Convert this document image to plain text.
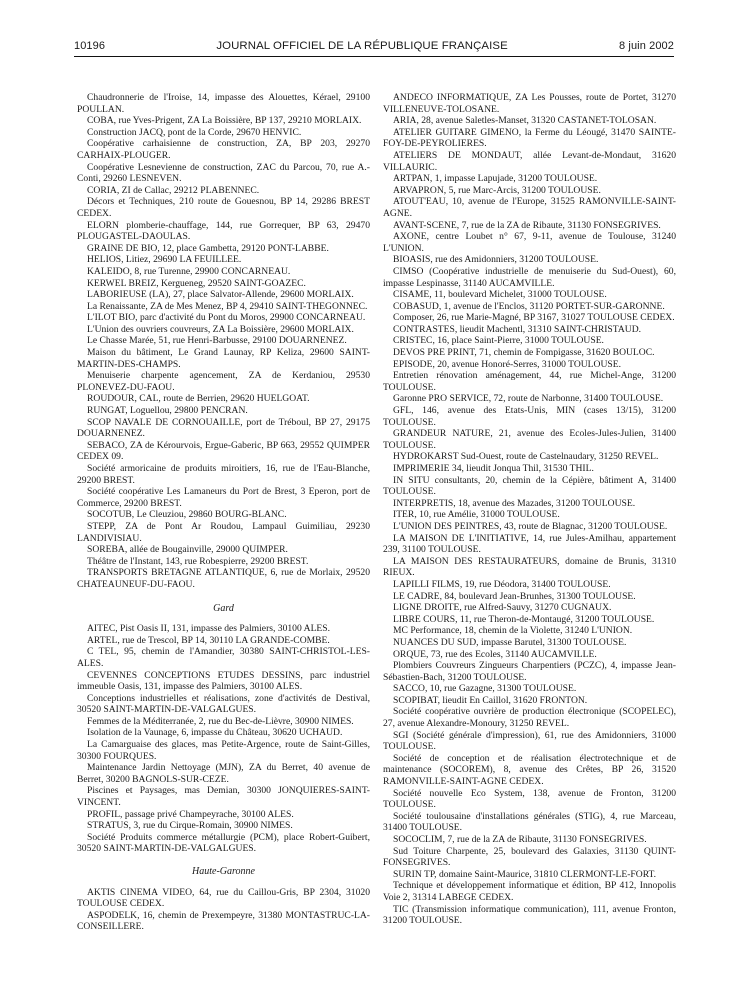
10196	JOURNAL OFFICIEL DE LA RÉPUBLIQUE FRANÇAISE	8 juin 2002

Chaudronnerie de l'Iroise, 14, impasse des Alouettes, Kérael, 29100 POULLAN.

COBA, rue Yves-Prigent, ZA La Boissière, BP 137, 29210 MORLAIX.

Construction JACQ, pont de la Corde, 29670 HENVIC.

Coopérative carhaisienne de construction, ZA, BP 203, 29270 CARHAIX-PLOUGER.

Coopérative Lesnevienne de construction, ZAC du Parcou, 70, rue A.-Conti, 29260 LESNEVEN.

CORIA, ZI de Callac, 29212 PLABENNEC.

Décors et Techniques, 210 route de Gouesnou, BP 14, 29286 BREST CEDEX.

ELORN plomberie-chauffage, 144, rue Gorrequer, BP 63, 29470 PLOUGASTEL-DAOULAS.

GRAINE DE BIO, 12, place Gambetta, 29120 PONT-LABBE.

HELIOS, Litiez, 29690 LA FEUILLEE.

KALEIDO, 8, rue Turenne, 29900 CONCARNEAU.

KERWEL BREIZ, Kergueneg, 29520 SAINT-GOAZEC.

LABORIEUSE (LA), 27, place Salvator-Allende, 29600 MORLAIX.

La Renaissante, ZA de Mes Menez, BP 4, 29410 SAINT-THEGONNEC.

L'ILOT BIO, parc d'activité du Pont du Moros, 29900 CONCARNEAU.

L'Union des ouvriers couvreurs, ZA La Boissière, 29600 MORLAIX.

Le Chasse Marée, 51, rue Henri-Barbusse, 29100 DOUARNENEZ.

Maison du bâtiment, Le Grand Launay, RP Keliza, 29600 SAINT-MARTIN-DES-CHAMPS.

Menuiserie charpente agencement, ZA de Kerdaniou, 29530 PLONEVEZ-DU-FAOU.

ROUDOUR, CAL, route de Berrien, 29620 HUELGOAT.

RUNGAT, Loguellou, 29800 PENCRAN.

SCOP NAVALE DE CORNOUAILLE, port de Tréboul, BP 27, 29175 DOUARNENEZ.

SEBACO, ZA de Kérourvois, Ergue-Gaberic, BP 663, 29552 QUIMPER CEDEX 09.

Société armoricaine de produits miroitiers, 16, rue de l'Eau-Blanche, 29200 BREST.

Société coopérative Les Lamaneurs du Port de Brest, 3 Eperon, port de Commerce, 29200 BREST.

SOCOTUB, Le Cleuziou, 29860 BOURG-BLANC.

STEPP, ZA de Pont Ar Roudou, Lampaul Guimiliau, 29230 LANDIVISIAU.

SOREBA, allée de Bougainville, 29000 QUIMPER.

Théâtre de l'Instant, 143, rue Robespierre, 29200 BREST.

TRANSPORTS BRETAGNE ATLANTIQUE, 6, rue de Morlaix, 29520 CHATEAUNEUF-DU-FAOU.

Gard

AITEC, Pist Oasis II, 131, impasse des Palmiers, 30100 ALES.

ARTEL, rue de Trescol, BP 14, 30110 LA GRANDE-COMBE.

C TEL, 95, chemin de l'Amandier, 30380 SAINT-CHRISTOL-LES-ALES.

CEVENNES CONCEPTIONS ETUDES DESSINS, parc industriel immeuble Oasis, 131, impasse des Palmiers, 30100 ALES.

Conceptions industrielles et réalisations, zone d'activités de Destival, 30520 SAINT-MARTIN-DE-VALGALGUES.

Femmes de la Méditerranée, 2, rue du Bec-de-Lièvre, 30900 NIMES.

Isolation de la Vaunage, 6, impasse du Château, 30620 UCHAUD.

La Camarguaise des glaces, mas Petite-Argence, route de Saint-Gilles, 30300 FOURQUES.

Maintenance Jardin Nettoyage (MJN), ZA du Berret, 40 avenue de Berret, 30200 BAGNOLS-SUR-CEZE.

Piscines et Paysages, mas Demian, 30300 JONQUIERES-SAINT-VINCENT.

PROFIL, passage privé Champeyrache, 30100 ALES.

STRATUS, 3, rue du Cirque-Romain, 30900 NIMES.

Société Produits commerce métallurgie (PCM), place Robert-Guibert, 30520 SAINT-MARTIN-DE-VALGALGUES.

Haute-Garonne

AKTIS CINEMA VIDEO, 64, rue du Caillou-Gris, BP 2304, 31020 TOULOUSE CEDEX.

ASPODELK, 16, chemin de Prexempeyre, 31380 MONTASTRUC-LA-CONSEILLERE.

ANDECO INFORMATIQUE, ZA Les Pousses, route de Portet, 31270 VILLENEUVE-TOLOSANE.

ARIA, 28, avenue Saletles-Manset, 31320 CASTANET-TOLOSAN.

ATELIER GUITARE GIMENO, la Ferme du Léougé, 31470 SAINTE-FOY-DE-PEYROLIERES.

ATELIERS DE MONDAUT, allée Levant-de-Mondaut, 31620 VILLAURIC.

ARTPAN, 1, impasse Lapujade, 31200 TOULOUSE.

ARVAPRON, 5, rue Marc-Arcis, 31200 TOULOUSE.

ATOUT'EAU, 10, avenue de l'Europe, 31525 RAMONVILLE-SAINT-AGNE.

AVANT-SCENE, 7, rue de la ZA de Ribaute, 31130 FONSEGRIVES.

AXONE, centre Loubet n° 67, 9-11, avenue de Toulouse, 31240 L'UNION.

BIOASIS, rue des Amidonniers, 31200 TOULOUSE.

CIMSO (Coopérative industrielle de menuiserie du Sud-Ouest), 60, impasse Lespinasse, 31140 AUCAMVILLE.

CISAME, 11, boulevard Michelet, 31000 TOULOUSE.

COBASUD, 1, avenue de l'Enclos, 31120 PORTET-SUR-GARONNE.

Composer, 26, rue Marie-Magné, BP 3167, 31027 TOULOUSE CEDEX.

CONTRASTES, lieudit Machentl, 31310 SAINT-CHRISTAUD.

CRISTEC, 16, place Saint-Pierre, 31000 TOULOUSE.

DEVOS PRE PRINT, 71, chemin de Fompigasse, 31620 BOULOC.

EPISODE, 20, avenue Honoré-Serres, 31000 TOULOUSE.

Entretien rénovation aménagement, 44, rue Michel-Ange, 31200 TOULOUSE.

Garonne PRO SERVICE, 72, route de Narbonne, 31400 TOULOUSE.

GFL, 146, avenue des Etats-Unis, MIN (cases 13/15), 31200 TOULOUSE.

GRANDEUR NATURE, 21, avenue des Ecoles-Jules-Julien, 31400 TOULOUSE.

HYDROKARST Sud-Ouest, route de Castelnaudary, 31250 REVEL.

IMPRIMERIE 34, lieudit Jonqua Thil, 31530 THIL.

IN SITU consultants, 20, chemin de la Cépière, bâtiment A, 31400 TOULOUSE.

INTERPRETIS, 18, avenue des Mazades, 31200 TOULOUSE.

ITER, 10, rue Amélie, 31000 TOULOUSE.

L'UNION DES PEINTRES, 43, route de Blagnac, 31200 TOULOUSE.

LA MAISON DE L'INITIATIVE, 14, rue Jules-Amilhau, appartement 239, 31100 TOULOUSE.

LA MAISON DES RESTAURATEURS, domaine de Brunis, 31310 RIEUX.

LAPILLI FILMS, 19, rue Déodora, 31400 TOULOUSE.

LE CADRE, 84, boulevard Jean-Brunhes, 31300 TOULOUSE.

LIGNE DROITE, rue Alfred-Sauvy, 31270 CUGNAUX.

LIBRE COURS, 11, rue Theron-de-Montaugé, 31200 TOULOUSE.

MC Performance, 18, chemin de la Violette, 31240 L'UNION.

NUANCES DU SUD, impasse Barutel, 31300 TOULOUSE.

ORQUE, 73, rue des Ecoles, 31140 AUCAMVILLE.

Plombiers Couvreurs Zingueurs Charpentiers (PCZC), 4, impasse Jean-Sébastien-Bach, 31200 TOULOUSE.

SACCO, 10, rue Gazagne, 31300 TOULOUSE.

SCOPIBAT, lieudit En Caillol, 31620 FRONTON.

Société coopérative ouvrière de production électronique (SCOPELEC), 27, avenue Alexandre-Monoury, 31250 REVEL.

SGI (Société générale d'impression), 61, rue des Amidonniers, 31000 TOULOUSE.

Société de conception et de réalisation électrotechnique et de maintenance (SOCOREM), 8, avenue des Crêtes, BP 26, 31520 RAMONVILLE-SAINT-AGNE CEDEX.

Société nouvelle Eco System, 138, avenue de Fronton, 31200 TOULOUSE.

Société toulousaine d'installations générales (STIG), 4, rue Marceau, 31400 TOULOUSE.

SOCOCLIM, 7, rue de la ZA de Ribaute, 31130 FONSEGRIVES.

Sud Toiture Charpente, 25, boulevard des Galaxies, 31130 QUINT-FONSEGRIVES.

SURIN TP, domaine Saint-Maurice, 31810 CLERMONT-LE-FORT.

Technique et développement informatique et édition, BP 412, Innopolis Voie 2, 31314 LABEGE CEDEX.

TIC (Transmission informatique communication), 111, avenue Fronton, 31200 TOULOUSE.
